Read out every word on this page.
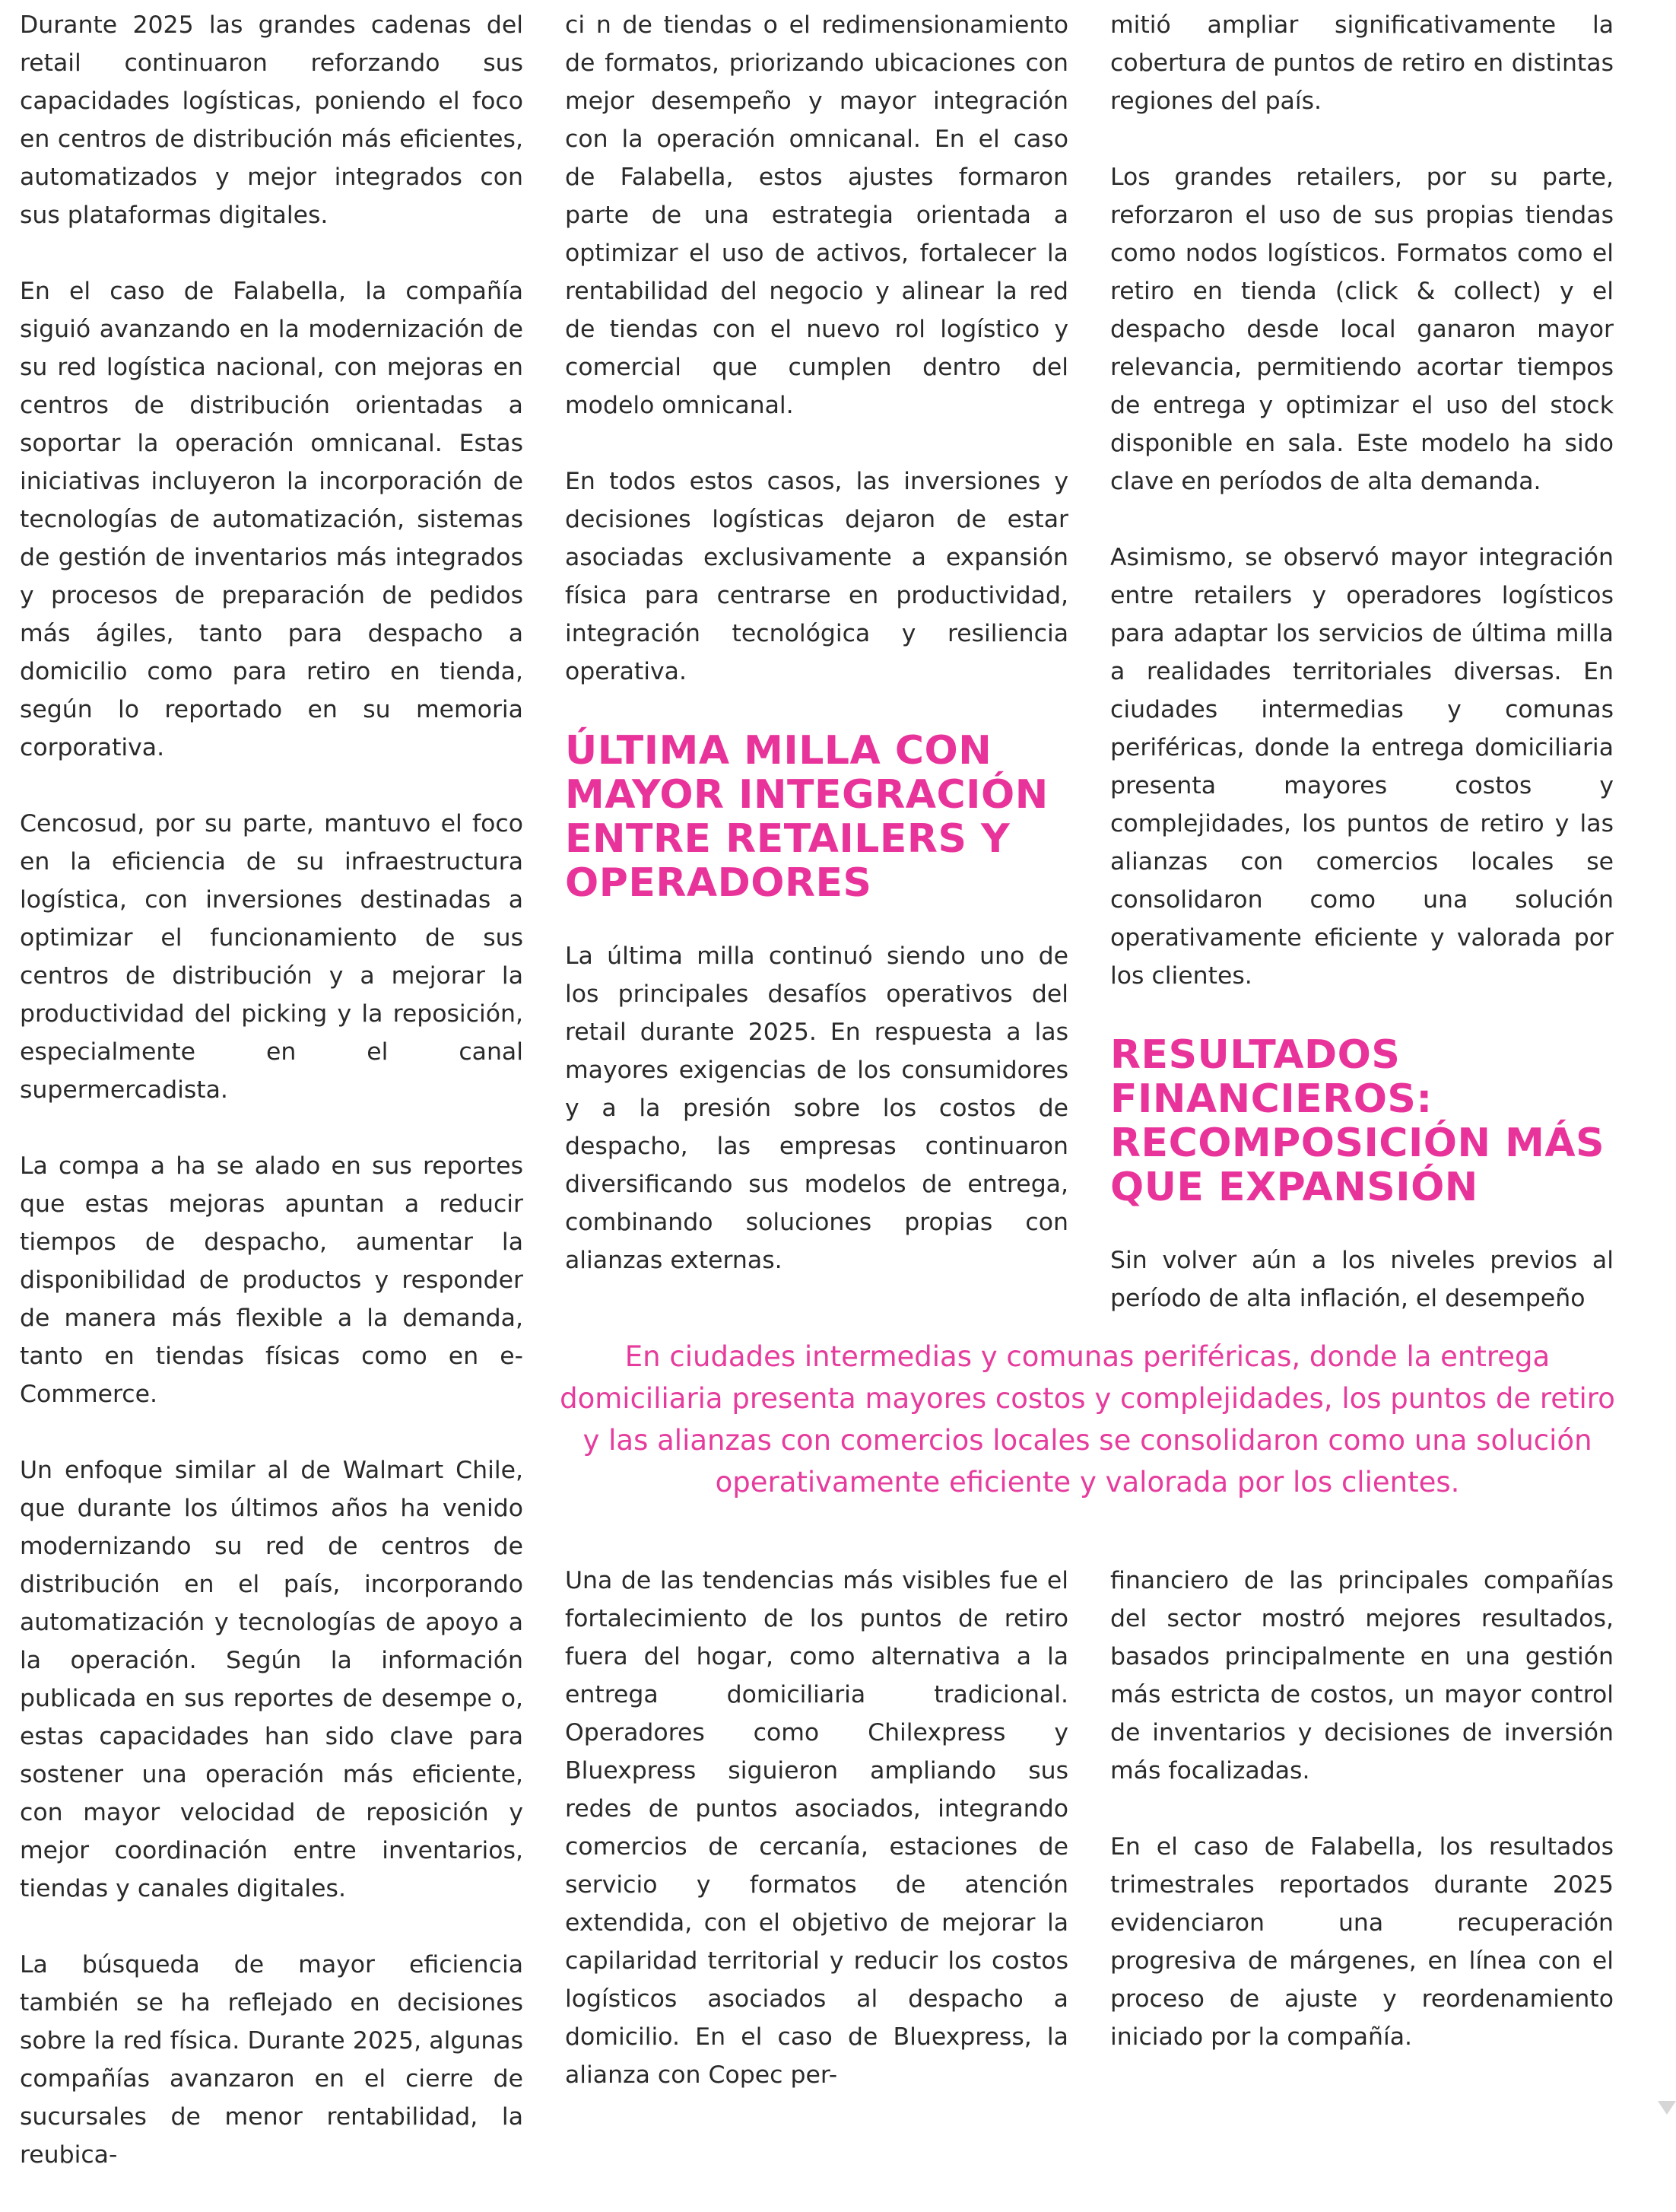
Durante 2025 las grandes cadenas del retail continuaron reforzando sus capacidades logísticas, poniendo el foco en centros de distribución más eficientes, automatizados y mejor integrados con sus plataformas digitales.

En el caso de Falabella, la compañía siguió avanzando en la modernización de su red logística nacional, con mejoras en centros de distribución orientadas a soportar la operación omnicanal. Estas iniciativas incluyeron la incorporación de tecnologías de automatización, sistemas de gestión de inventarios más integrados y procesos de preparación de pedidos más ágiles, tanto para despacho a domicilio como para retiro en tienda, según lo reportado en su memoria corporativa.

Cencosud, por su parte, mantuvo el foco en la eficiencia de su infraestructura logística, con inversiones destinadas a optimizar el funcionamiento de sus centros de distribución y a mejorar la productividad del picking y la reposición, especialmente en el canal supermercadista.

La compa a ha se alado en sus reportes que estas mejoras apuntan a reducir tiempos de despacho, aumentar la disponibilidad de productos y responder de manera más flexible a la demanda, tanto en tiendas físicas como en e-Commerce.

Un enfoque similar al de Walmart Chile, que durante los últimos años ha venido modernizando su red de centros de distribución en el país, incorporando automatización y tecnologías de apoyo a la operación. Según la información publicada en sus reportes de desempe o, estas capacidades han sido clave para sostener una operación más eficiente, con mayor velocidad de reposición y mejor coordinación entre inventarios, tiendas y canales digitales.

La búsqueda de mayor eficiencia también se ha reflejado en decisiones sobre la red física. Durante 2025, algunas compañías avanzaron en el cierre de sucursales de menor rentabilidad, la reubica-

ci n de tiendas o el redimensionamiento de formatos, priorizando ubicaciones con mejor desempeño y mayor integración con la operación omnicanal. En el caso de Falabella, estos ajustes formaron parte de una estrategia orientada a optimizar el uso de activos, fortalecer la rentabilidad del negocio y alinear la red de tiendas con el nuevo rol logístico y comercial que cumplen dentro del modelo omnicanal.

En todos estos casos, las inversiones y decisiones logísticas dejaron de estar asociadas exclusivamente a expansión física para centrarse en productividad, integración tecnológica y resiliencia operativa.

ÚLTIMA MILLA CON MAYOR INTEGRACIÓN ENTRE RETAILERS Y OPERADORES

La última milla continuó siendo uno de los principales desafíos operativos del retail durante 2025. En respuesta a las mayores exigencias de los consumidores y a la presión sobre los costos de despacho, las empresas continuaron diversificando sus modelos de entrega, combinando soluciones propias con alianzas externas.

mitió ampliar significativamente la cobertura de puntos de retiro en distintas regiones del país.

Los grandes retailers, por su parte, reforzaron el uso de sus propias tiendas como nodos logísticos. Formatos como el retiro en tienda (click & collect) y el despacho desde local ganaron mayor relevancia, permitiendo acortar tiempos de entrega y optimizar el uso del stock disponible en sala. Este modelo ha sido clave en períodos de alta demanda.

Asimismo, se observó mayor integración entre retailers y operadores logísticos para adaptar los servicios de última milla a realidades territoriales diversas. En ciudades intermedias y comunas periféricas, donde la entrega domiciliaria presenta mayores costos y complejidades, los puntos de retiro y las alianzas con comercios locales se consolidaron como una solución operativamente eficiente y valorada por los clientes.

RESULTADOS FINANCIEROS: RECOMPOSICIÓN MÁS QUE EXPANSIÓN

Sin volver aún a los niveles previos al período de alta inflación, el desempeño

En ciudades intermedias y comunas periféricas, donde la entrega domiciliaria presenta mayores costos y complejidades, los puntos de retiro y las alianzas con comercios locales se consolidaron como una solución operativamente eficiente y valorada por los clientes.

Una de las tendencias más visibles fue el fortalecimiento de los puntos de retiro fuera del hogar, como alternativa a la entrega domiciliaria tradicional. Operadores como Chilexpress y Bluexpress siguieron ampliando sus redes de puntos asociados, integrando comercios de cercanía, estaciones de servicio y formatos de atención extendida, con el objetivo de mejorar la capilaridad territorial y reducir los costos logísticos asociados al despacho a domicilio. En el caso de Bluexpress, la alianza con Copec per-

financiero de las principales compañías del sector mostró mejores resultados, basados principalmente en una gestión más estricta de costos, un mayor control de inventarios y decisiones de inversión más focalizadas.

En el caso de Falabella, los resultados trimestrales reportados durante 2025 evidenciaron una recuperación progresiva de márgenes, en línea con el proceso de ajuste y reordenamiento iniciado por la compañía.
